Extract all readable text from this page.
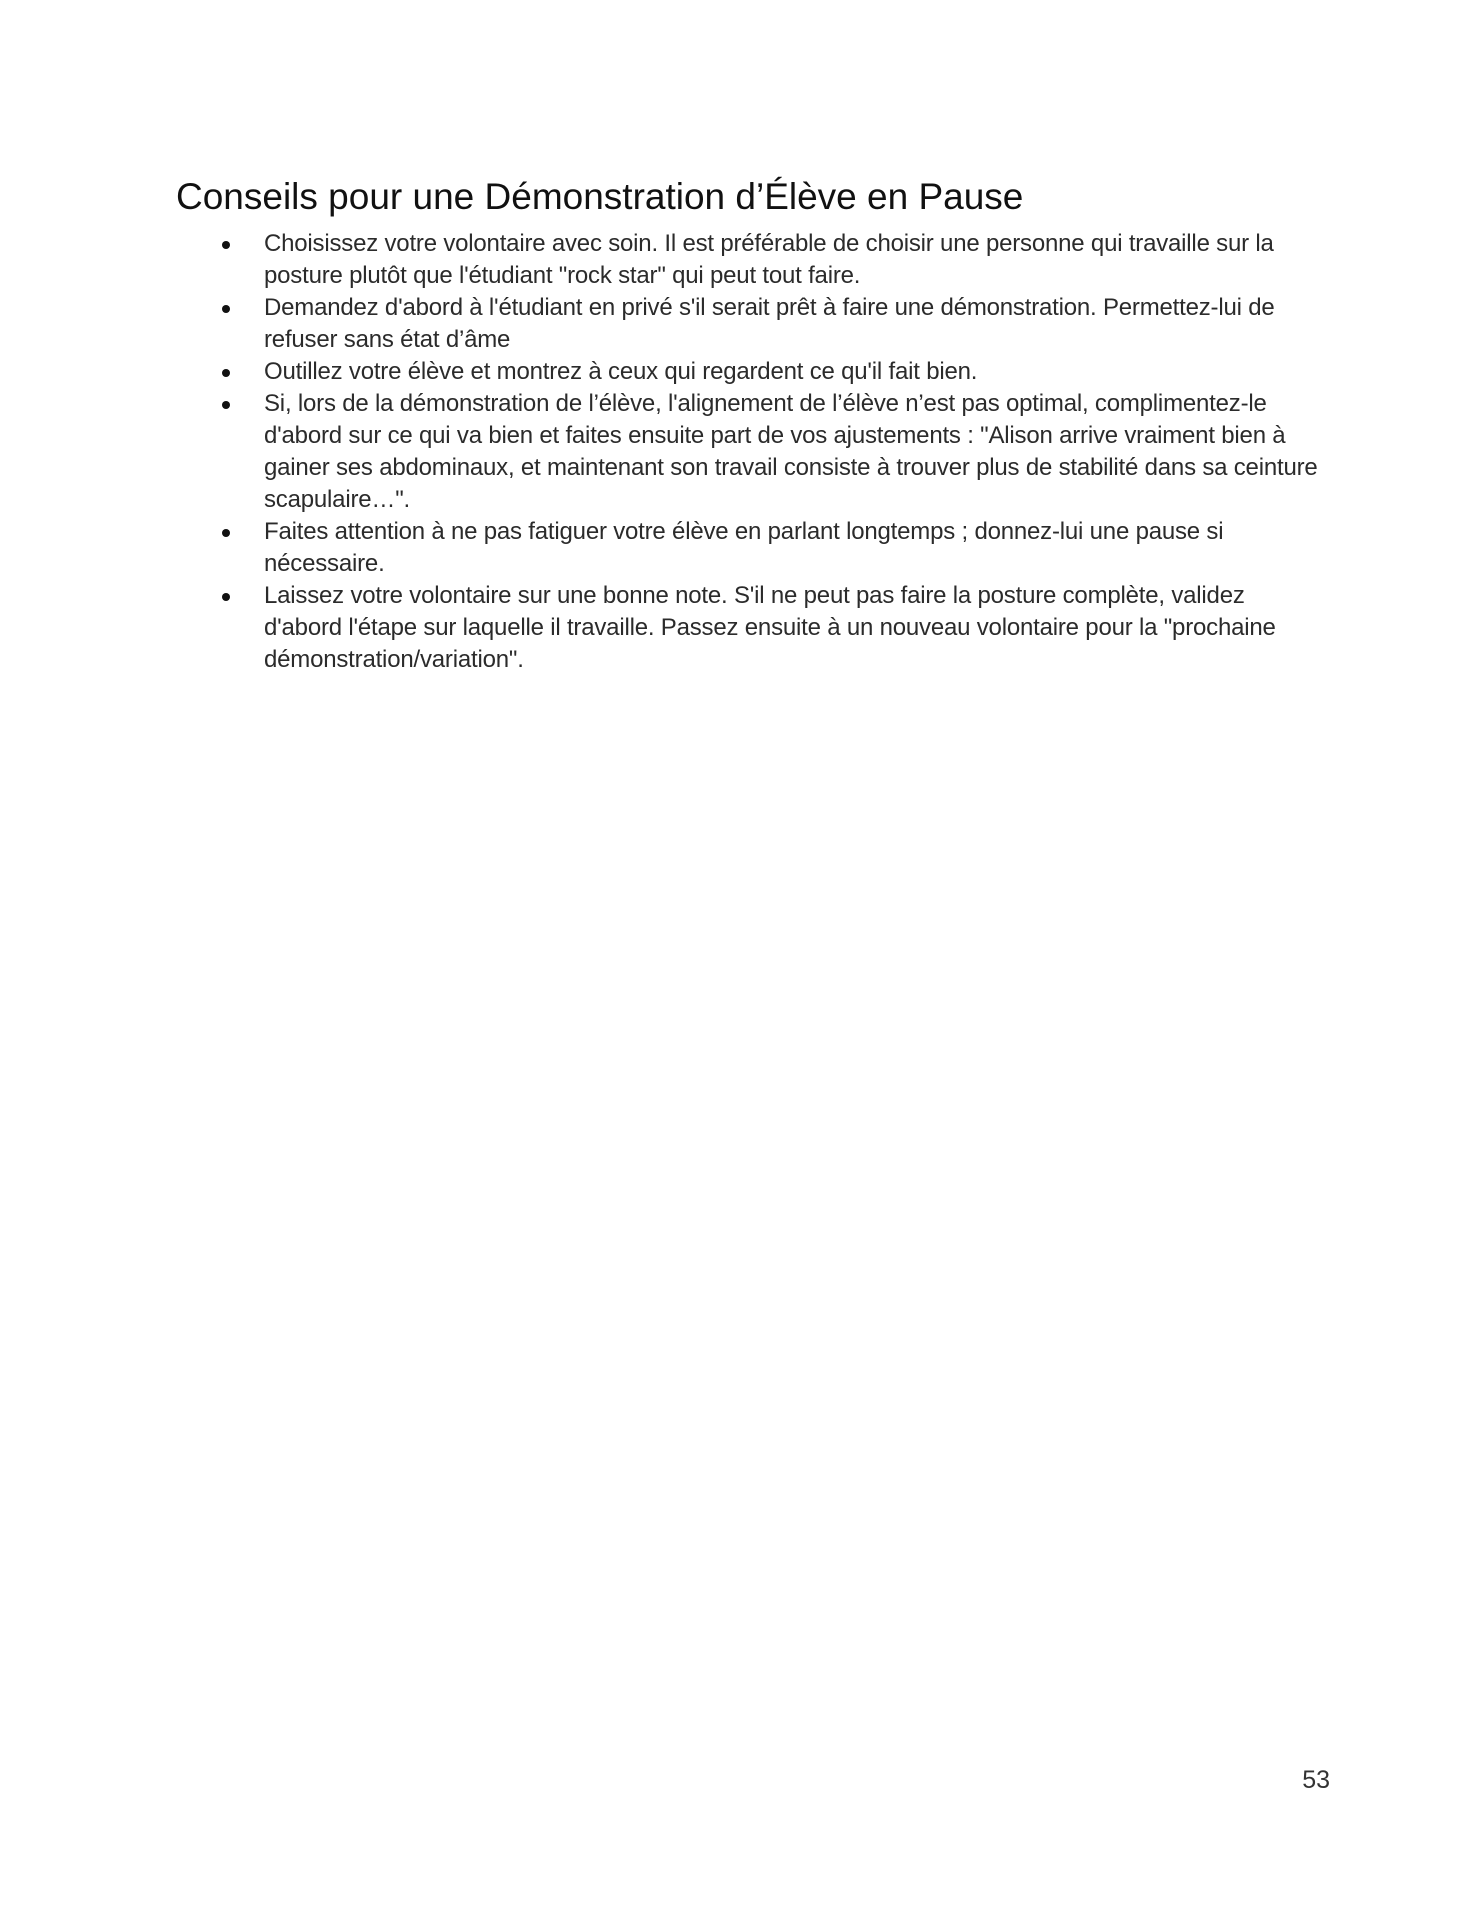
Conseils pour une Démonstration d’Élève en Pause
Choisissez votre volontaire avec soin. Il est préférable de choisir une personne qui travaille sur la posture plutôt que l'étudiant "rock star" qui peut tout faire.
Demandez d'abord à l'étudiant en privé s'il serait prêt à faire une démonstration. Permettez-lui de refuser sans état d’âme
Outillez votre élève et montrez à ceux qui regardent ce qu'il fait bien.
Si, lors de la démonstration de l’élève, l'alignement de l’élève n’est pas optimal, complimentez-le d'abord sur ce qui va bien et faites ensuite part de vos ajustements : "Alison arrive vraiment bien à gainer ses abdominaux, et maintenant son travail consiste à trouver plus de stabilité dans sa ceinture scapulaire…".
Faites attention à ne pas fatiguer votre élève en parlant longtemps ; donnez-lui une pause si nécessaire.
Laissez votre volontaire sur une bonne note. S'il ne peut pas faire la posture complète, validez d'abord l'étape sur laquelle il travaille. Passez ensuite à un nouveau volontaire pour la "prochaine démonstration/variation".
53
